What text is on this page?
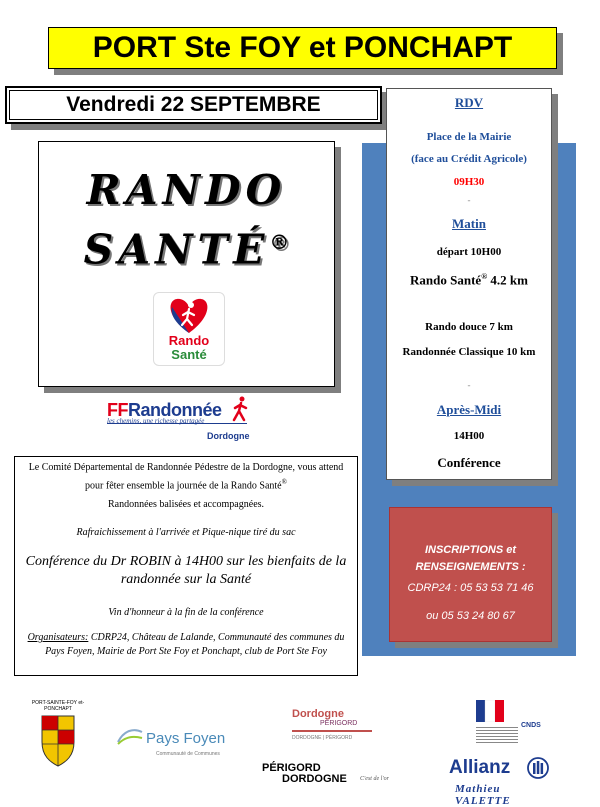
PORT Ste FOY et PONCHAPT
Vendredi 22 SEPTEMBRE
RANDO
SANTÉ®
Rando
Santé
RDV
Place de la Mairie
(face au Crédit Agricole)
09H30
-
Matin
départ 10H00
Rando Santé® 4.2 km
Rando douce 7 km
Randonnée Classique 10 km
-
Après-Midi
14H00
Conférence
INSCRIPTIONS et RENSEIGNEMENTS :
CDRP24 : 05 53 53 71 46
ou 05 53 24 80 67
FFRandonnée
les chemins, une richesse partagée
Dordogne
Le Comité Départemental de Randonnée Pédestre de la Dordogne, vous attend pour fêter ensemble la journée de la Rando Santé®
Randonnées balisées et accompagnées.
Rafraichissement à l'arrivée et Pique-nique tiré du sac
Conférence du Dr ROBIN à 14H00 sur les bienfaits de la randonnée sur la Santé
Vin d'honneur à la fin de la conférence
Organisateurs: CDRP24, Château de Lalande, Communauté des communes du Pays Foyen, Mairie de Port Ste Foy et Ponchapt, club de Port Ste Foy
PORT-SAINTE-FOY et-PONCHAPT
Pays Foyen
Communauté de Communes
Dordogne
PÉRIGORD
DORDOGNE | PÉRIGORD
PÉRIGORD
DORDOGNE C'est de l'or
CNDS
Allianz
Mathieu VALETTE
